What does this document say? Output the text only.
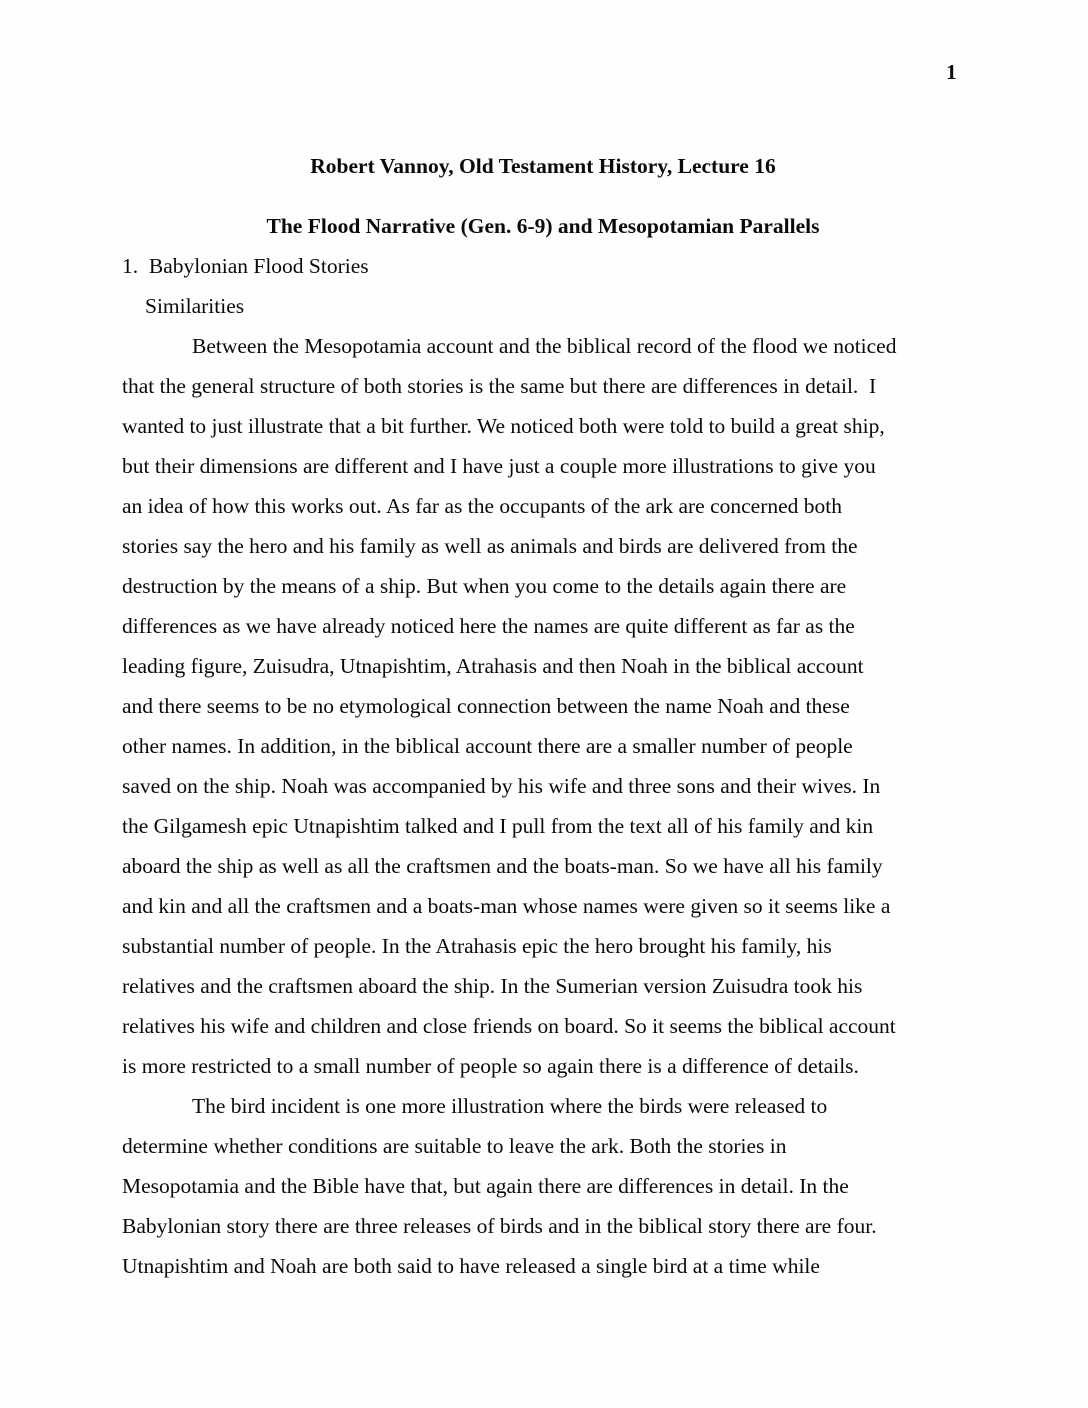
1
Robert Vannoy, Old Testament History, Lecture 16
The Flood Narrative (Gen. 6-9) and Mesopotamian Parallels
1.  Babylonian Flood Stories
Similarities
Between the Mesopotamia account and the biblical record of the flood we noticed
that the general structure of both stories is the same but there are differences in detail.  I
wanted to just illustrate that a bit further. We noticed both were told to build a great ship,
but their dimensions are different and I have just a couple more illustrations to give you
an idea of how this works out. As far as the occupants of the ark are concerned both
stories say the hero and his family as well as animals and birds are delivered from the
destruction by the means of a ship. But when you come to the details again there are
differences as we have already noticed here the names are quite different as far as the
leading figure, Zuisudra, Utnapishtim, Atrahasis and then Noah in the biblical account
and there seems to be no etymological connection between the name Noah and these
other names. In addition, in the biblical account there are a smaller number of people
saved on the ship. Noah was accompanied by his wife and three sons and their wives. In
the Gilgamesh epic Utnapishtim talked and I pull from the text all of his family and kin
aboard the ship as well as all the craftsmen and the boats-man. So we have all his family
and kin and all the craftsmen and a boats-man whose names were given so it seems like a
substantial number of people. In the Atrahasis epic the hero brought his family, his
relatives and the craftsmen aboard the ship. In the Sumerian version Zuisudra took his
relatives his wife and children and close friends on board. So it seems the biblical account
is more restricted to a small number of people so again there is a difference of details.
The bird incident is one more illustration where the birds were released to
determine whether conditions are suitable to leave the ark. Both the stories in
Mesopotamia and the Bible have that, but again there are differences in detail. In the
Babylonian story there are three releases of birds and in the biblical story there are four.
Utnapishtim and Noah are both said to have released a single bird at a time while
